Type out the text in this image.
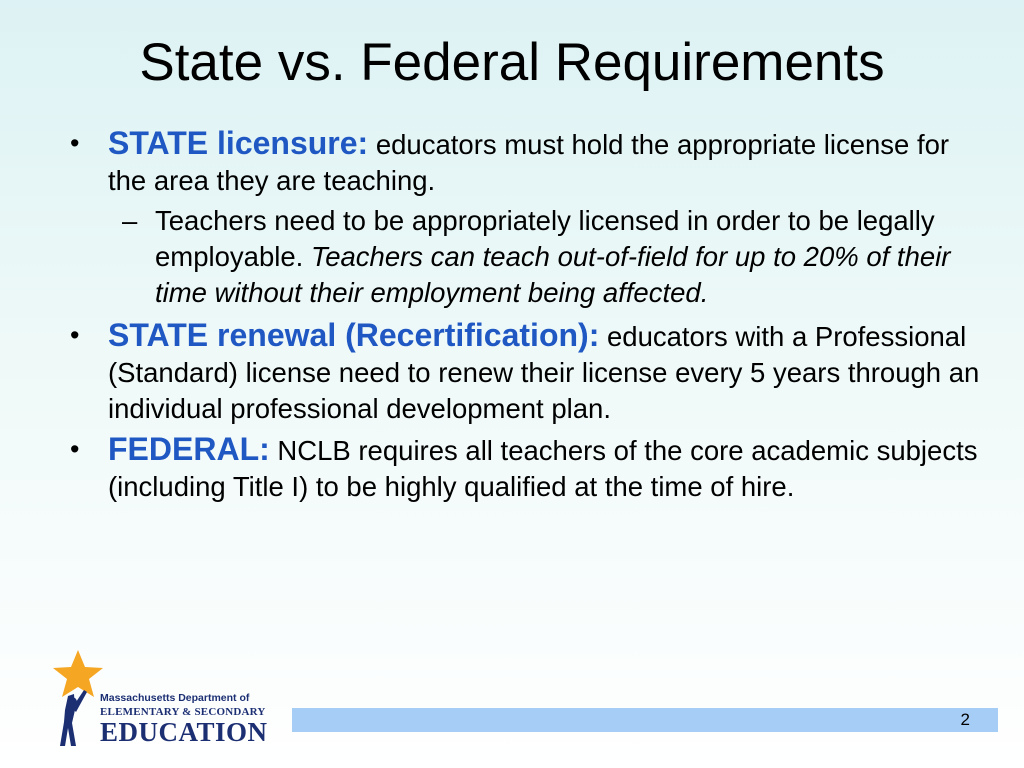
State vs. Federal Requirements

• STATE licensure: educators must hold the appropriate license for the area they are teaching.

– Teachers need to be appropriately licensed in order to be legally employable. Teachers can teach out-of-field for up to 20% of their time without their employment being affected.

• STATE renewal (Recertification): educators with a Professional (Standard) license need to renew their license every 5 years through an individual professional development plan.

• FEDERAL: NCLB requires all teachers of the core academic subjects (including Title I) to be highly qualified at the time of hire.

Massachusetts Department of
ELEMENTARY & SECONDARY
EDUCATION	2
